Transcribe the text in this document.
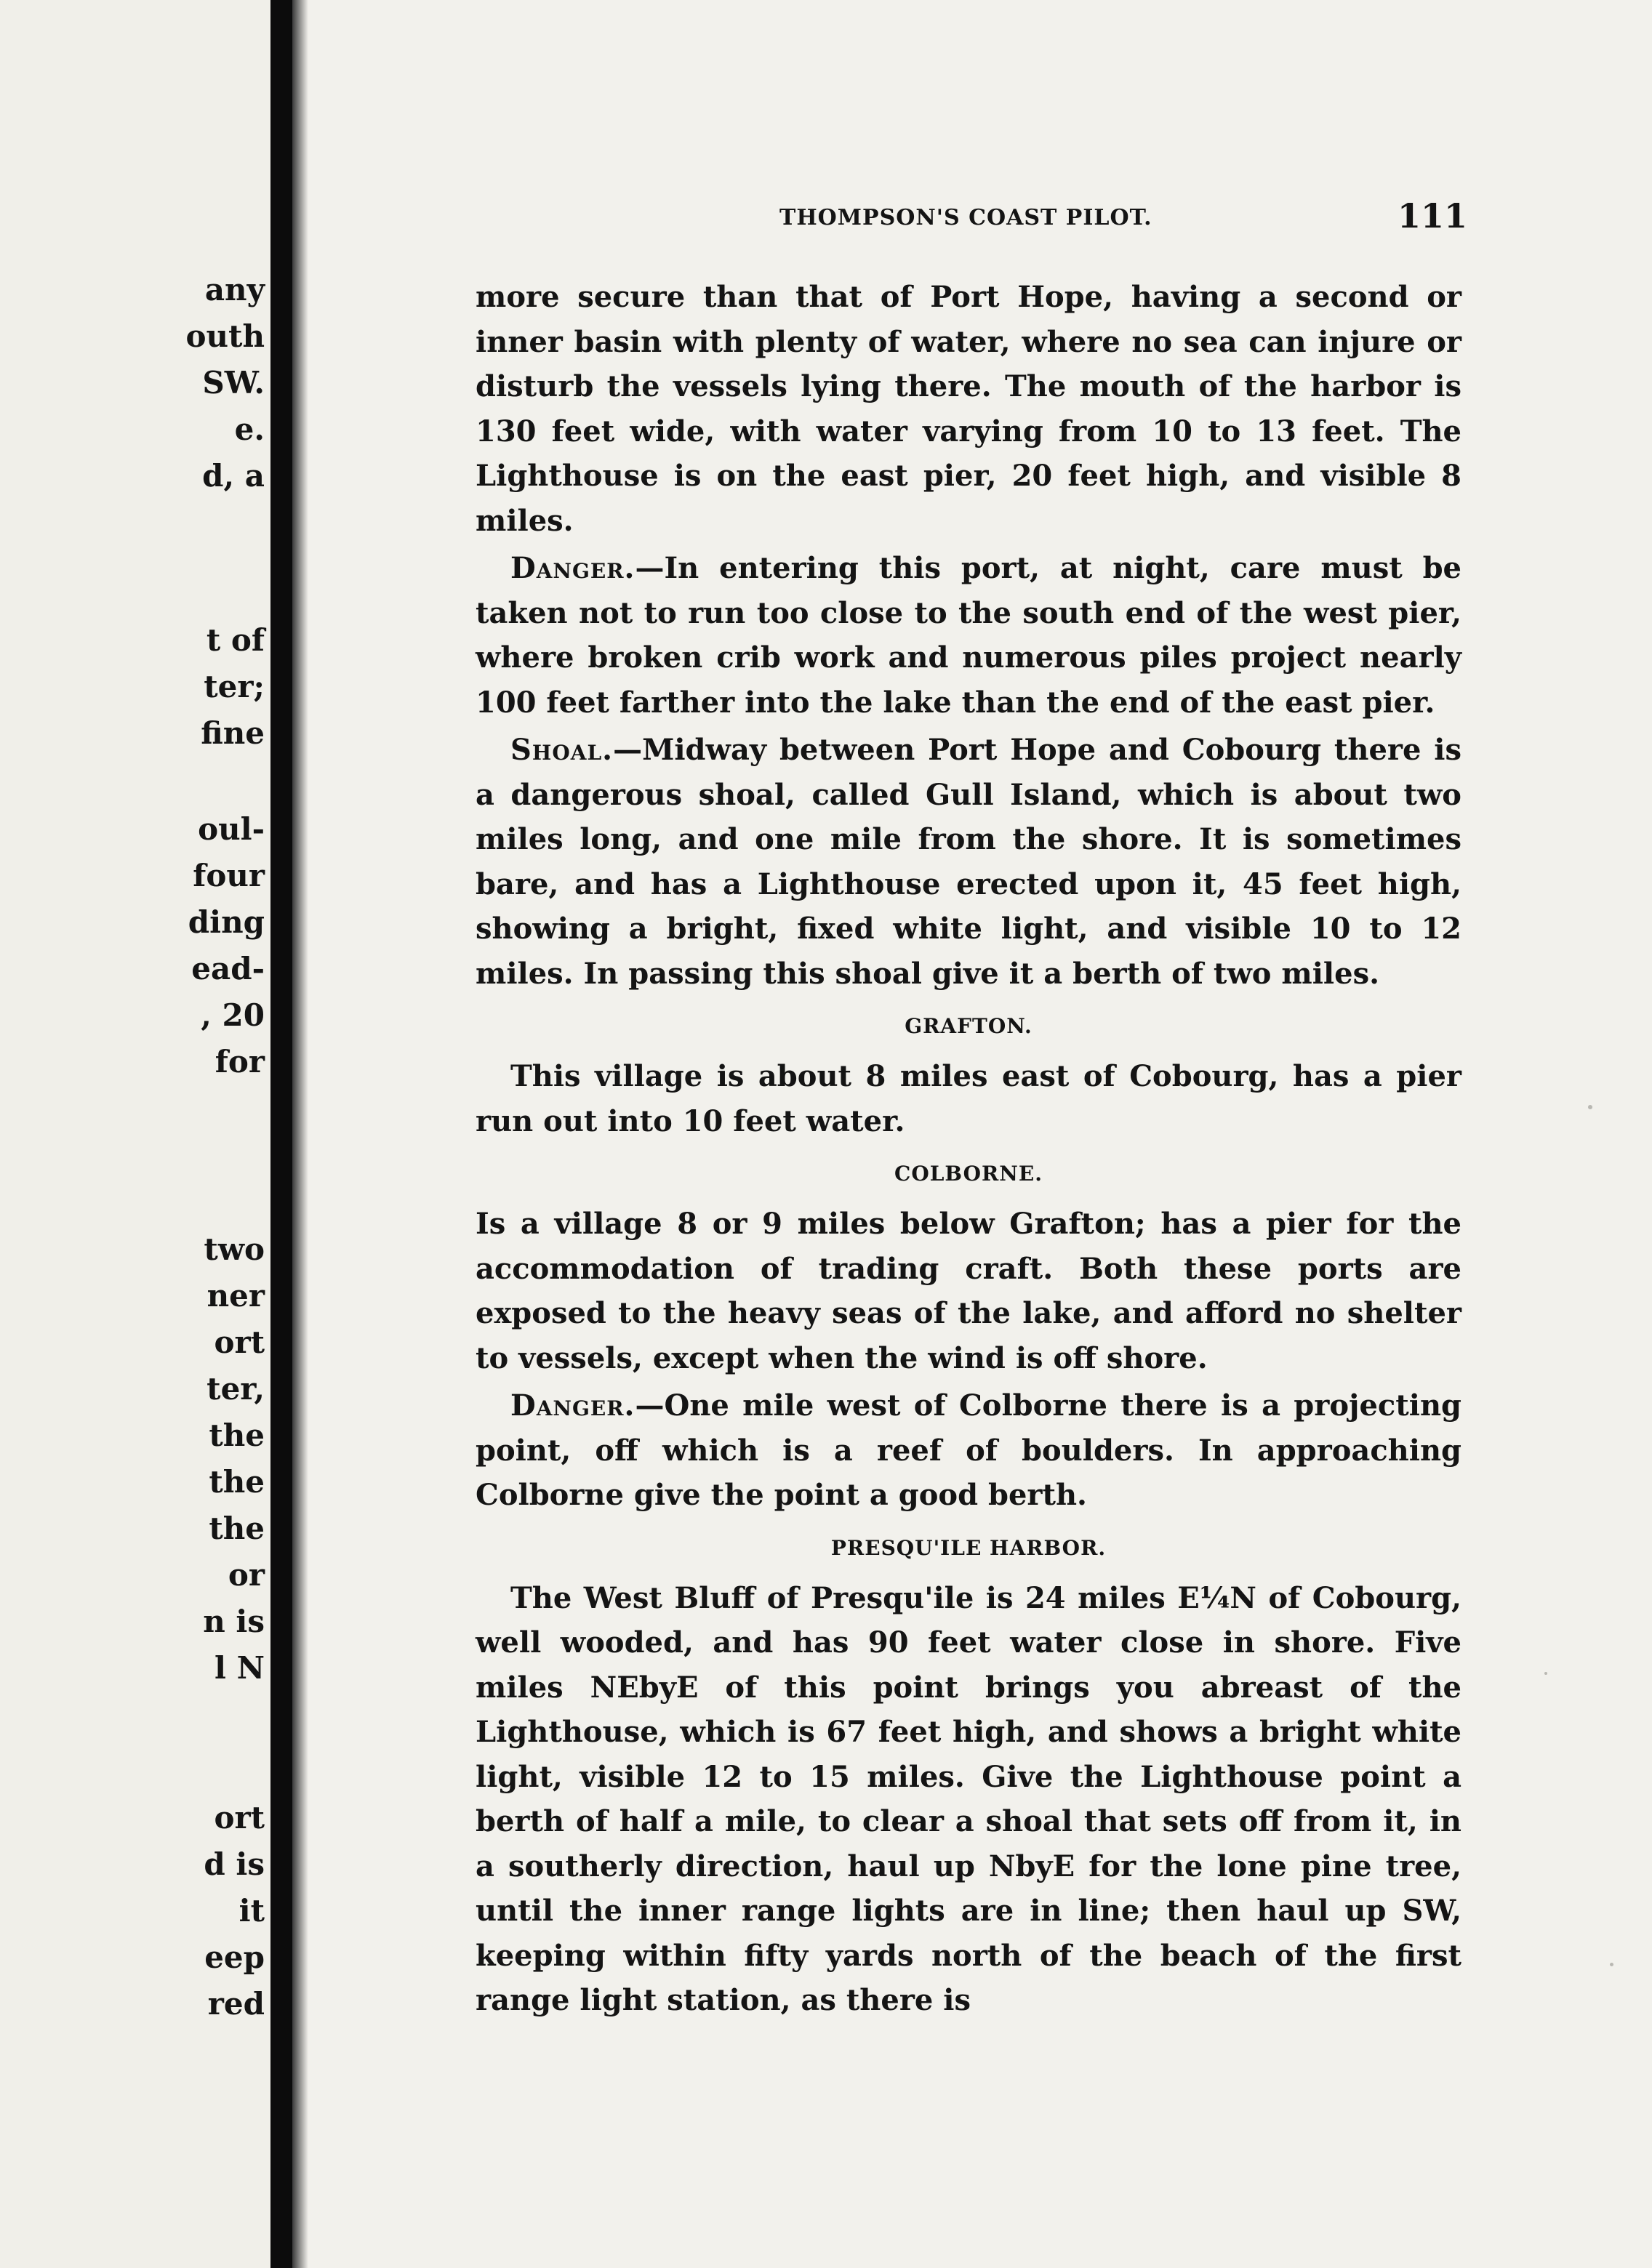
any
outh
SW.
e.
d, a
t of
ter;
fine
oul-
four
ding
ead-
, 20
for
two
ner
ort
ter,
the
the
the
or
n is
l N
ort
d is
it
eep
red
THOMPSON'S COAST PILOT.	111

more secure than that of Port Hope, having a second or inner basin with plenty of water, where no sea can injure or disturb the vessels lying there. The mouth of the harbor is 130 feet wide, with water varying from 10 to 13 feet. The Lighthouse is on the east pier, 20 feet high, and visible 8 miles.

Danger.—In entering this port, at night, care must be taken not to run too close to the south end of the west pier, where broken crib work and numerous piles project nearly 100 feet farther into the lake than the end of the east pier.

Shoal.—Midway between Port Hope and Cobourg there is a dangerous shoal, called Gull Island, which is about two miles long, and one mile from the shore. It is sometimes bare, and has a Lighthouse erected upon it, 45 feet high, showing a bright, fixed white light, and visible 10 to 12 miles. In passing this shoal give it a berth of two miles.

GRAFTON.

This village is about 8 miles east of Cobourg, has a pier run out into 10 feet water.

COLBORNE.

Is a village 8 or 9 miles below Grafton; has a pier for the accommodation of trading craft. Both these ports are exposed to the heavy seas of the lake, and afford no shelter to vessels, except when the wind is off shore.

Danger.—One mile west of Colborne there is a projecting point, off which is a reef of boulders. In approaching Colborne give the point a good berth.

PRESQU'ILE HARBOR.

The West Bluff of Presqu'ile is 24 miles E¼N of Cobourg, well wooded, and has 90 feet water close in shore. Five miles NEbyE of this point brings you abreast of the Lighthouse, which is 67 feet high, and shows a bright white light, visible 12 to 15 miles. Give the Lighthouse point a berth of half a mile, to clear a shoal that sets off from it, in a southerly direction, haul up NbyE for the lone pine tree, until the inner range lights are in line; then haul up SW, keeping within fifty yards north of the beach of the first range light station, as there is
